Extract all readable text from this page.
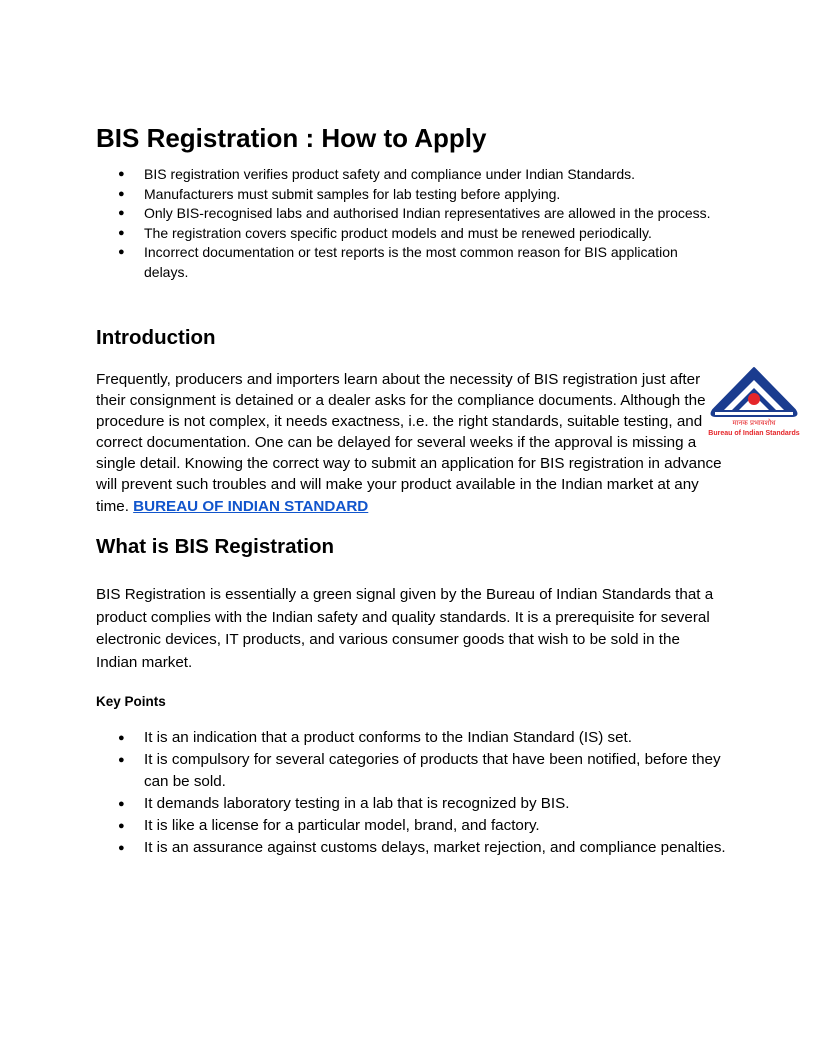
BIS Registration : How to Apply
● BIS registration verifies product safety and compliance under Indian Standards.
● Manufacturers must submit samples for lab testing before applying.
● Only BIS-recognised labs and authorised Indian representatives are allowed in the process.
● The registration covers specific product models and must be renewed periodically.
● Incorrect documentation or test reports is the most common reason for BIS application delays.
Introduction

Frequently, producers and importers learn about the necessity of BIS registration just after their consignment is detained or a dealer asks for the compliance documents. Although the procedure is not complex, it needs exactness, i.e. the right standards, suitable testing, and correct documentation. One can be delayed for several weeks if the approval is missing a single detail. Knowing the correct way to submit an application for BIS registration in advance will prevent such troubles and will make your product available in the Indian market at any time. BUREAU OF INDIAN STANDARD

मानक प्रभावशोध
Bureau of Indian Standards
What is BIS Registration

BIS Registration is essentially a green signal given by the Bureau of Indian Standards that a product complies with the Indian safety and quality standards. It is a prerequisite for several electronic devices, IT products, and various consumer goods that wish to be sold in the Indian market.

Key Points
● It is an indication that a product conforms to the Indian Standard (IS) set.
● It is compulsory for several categories of products that have been notified, before they can be sold.
● It demands laboratory testing in a lab that is recognized by BIS.
● It is like a license for a particular model, brand, and factory.
● It is an assurance against customs delays, market rejection, and compliance penalties.
